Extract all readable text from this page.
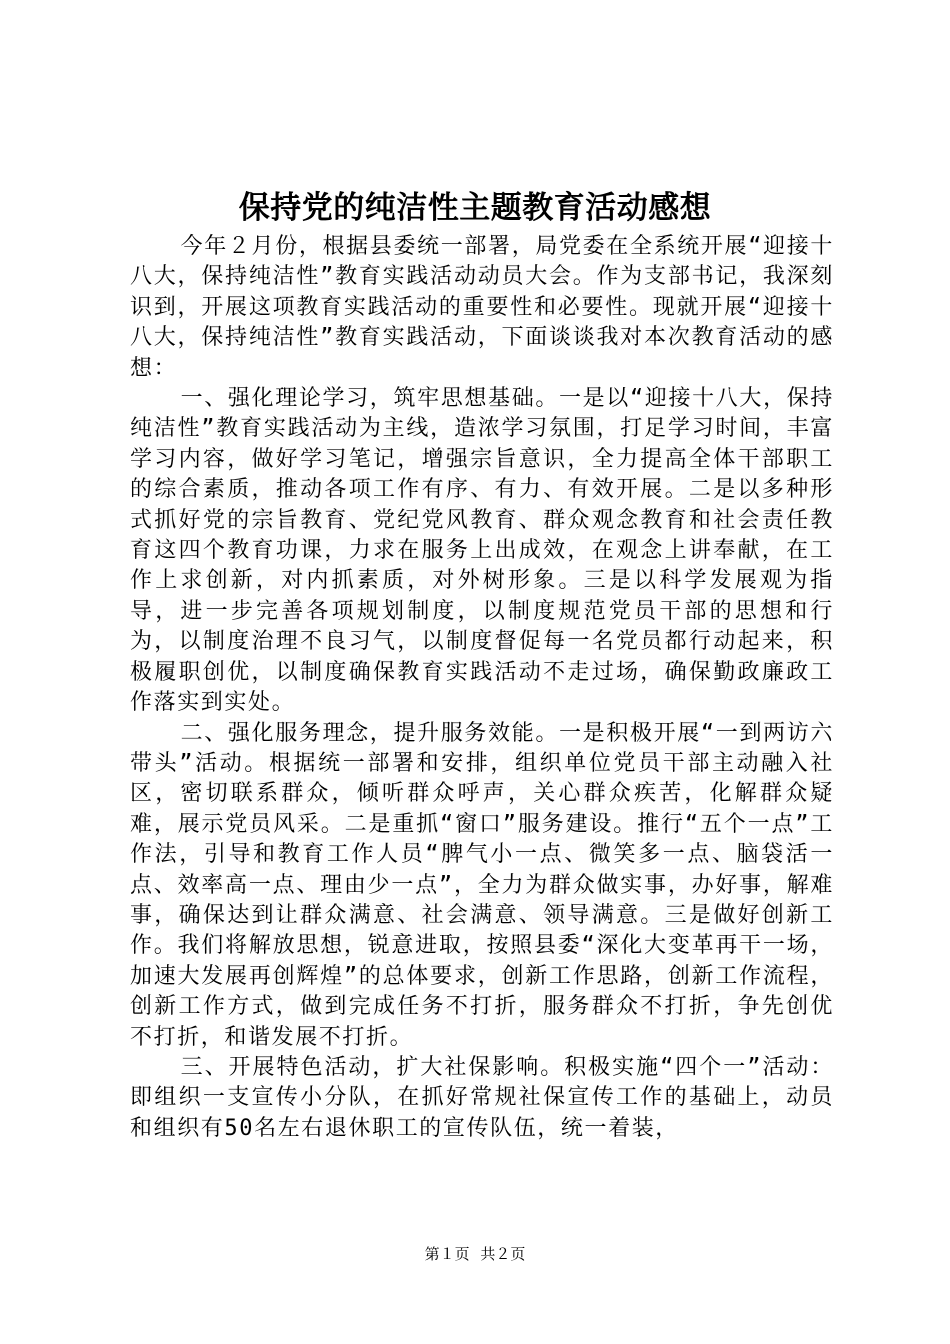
保持党的纯洁性主题教育活动感想

今年２月份，根据县委统一部署，局党委在全系统开展“迎接十八大，保持纯洁性”教育实践活动动员大会。作为支部书记，我深刻识到，开展这项教育实践活动的重要性和必要性。现就开展“迎接十八大，保持纯洁性”教育实践活动，下面谈谈我对本次教育活动的感想：

一、强化理论学习，筑牢思想基础。一是以“迎接十八大，保持纯洁性”教育实践活动为主线，造浓学习氛围，打足学习时间，丰富学习内容，做好学习笔记，增强宗旨意识，全力提高全体干部职工的综合素质，推动各项工作有序、有力、有效开展。二是以多种形式抓好党的宗旨教育、党纪党风教育、群众观念教育和社会责任教育这四个教育功课，力求在服务上出成效，在观念上讲奉献，在工作上求创新，对内抓素质，对外树形象。三是以科学发展观为指导，进一步完善各项规划制度，以制度规范党员干部的思想和行为，以制度治理不良习气，以制度督促每一名党员都行动起来，积极履职创优，以制度确保教育实践活动不走过场，确保勤政廉政工作落实到实处。

二、强化服务理念，提升服务效能。一是积极开展“一到两访六带头”活动。根据统一部署和安排，组织单位党员干部主动融入社区，密切联系群众，倾听群众呼声，关心群众疾苦，化解群众疑难，展示党员风采。二是重抓“窗口”服务建设。推行“五个一点”工作法，引导和教育工作人员“脾气小一点、微笑多一点、脑袋活一点、效率高一点、理由少一点”，全力为群众做实事，办好事，解难事，确保达到让群众满意、社会满意、领导满意。三是做好创新工作。我们将解放思想，锐意进取，按照县委“深化大变革再干一场，加速大发展再创辉煌”的总体要求，创新工作思路，创新工作流程，创新工作方式，做到完成任务不打折，服务群众不打折，争先创优不打折，和谐发展不打折。

三、开展特色活动，扩大社保影响。积极实施“四个一”活动：即组织一支宣传小分队，在抓好常规社保宣传工作的基础上，动员和组织有50名左右退休职工的宣传队伍，统一着装，

第１页 共２页
